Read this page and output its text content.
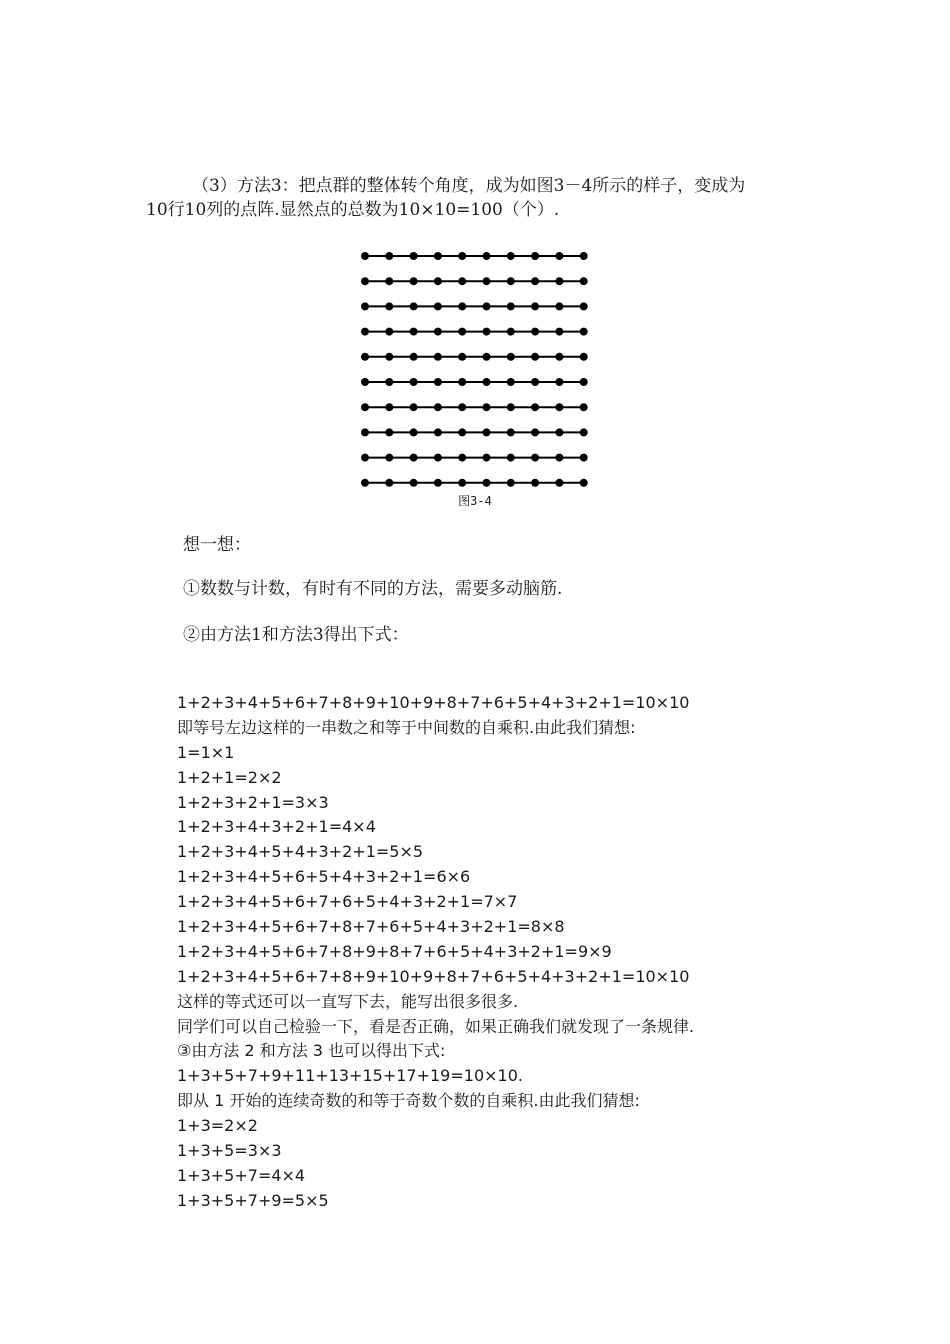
（3）方法3：把点群的整体转个角度，成为如图3－4所示的样子，变成为
10行10列的点阵.显然点的总数为10×10=100（个）.
图3-4
想一想：
①数数与计数，有时有不同的方法，需要多动脑筋.
②由方法1和方法3得出下式：
1+2+3+4+5+6+7+8+9+10+9+8+7+6+5+4+3+2+1=10×10
即等号左边这样的一串数之和等于中间数的自乘积.由此我们猜想:
1=1×1
1+2+1=2×2
1+2+3+2+1=3×3
1+2+3+4+3+2+1=4×4
1+2+3+4+5+4+3+2+1=5×5
1+2+3+4+5+6+5+4+3+2+1=6×6
1+2+3+4+5+6+7+6+5+4+3+2+1=7×7
1+2+3+4+5+6+7+8+7+6+5+4+3+2+1=8×8
1+2+3+4+5+6+7+8+9+8+7+6+5+4+3+2+1=9×9
1+2+3+4+5+6+7+8+9+10+9+8+7+6+5+4+3+2+1=10×10
这样的等式还可以一直写下去，能写出很多很多.
同学们可以自己检验一下，看是否正确，如果正确我们就发现了一条规律.
③由方法 2 和方法 3 也可以得出下式:
1+3+5+7+9+11+13+15+17+19=10×10.
即从 1 开始的连续奇数的和等于奇数个数的自乘积.由此我们猜想:
1+3=2×2
1+3+5=3×3
1+3+5+7=4×4
1+3+5+7+9=5×5
